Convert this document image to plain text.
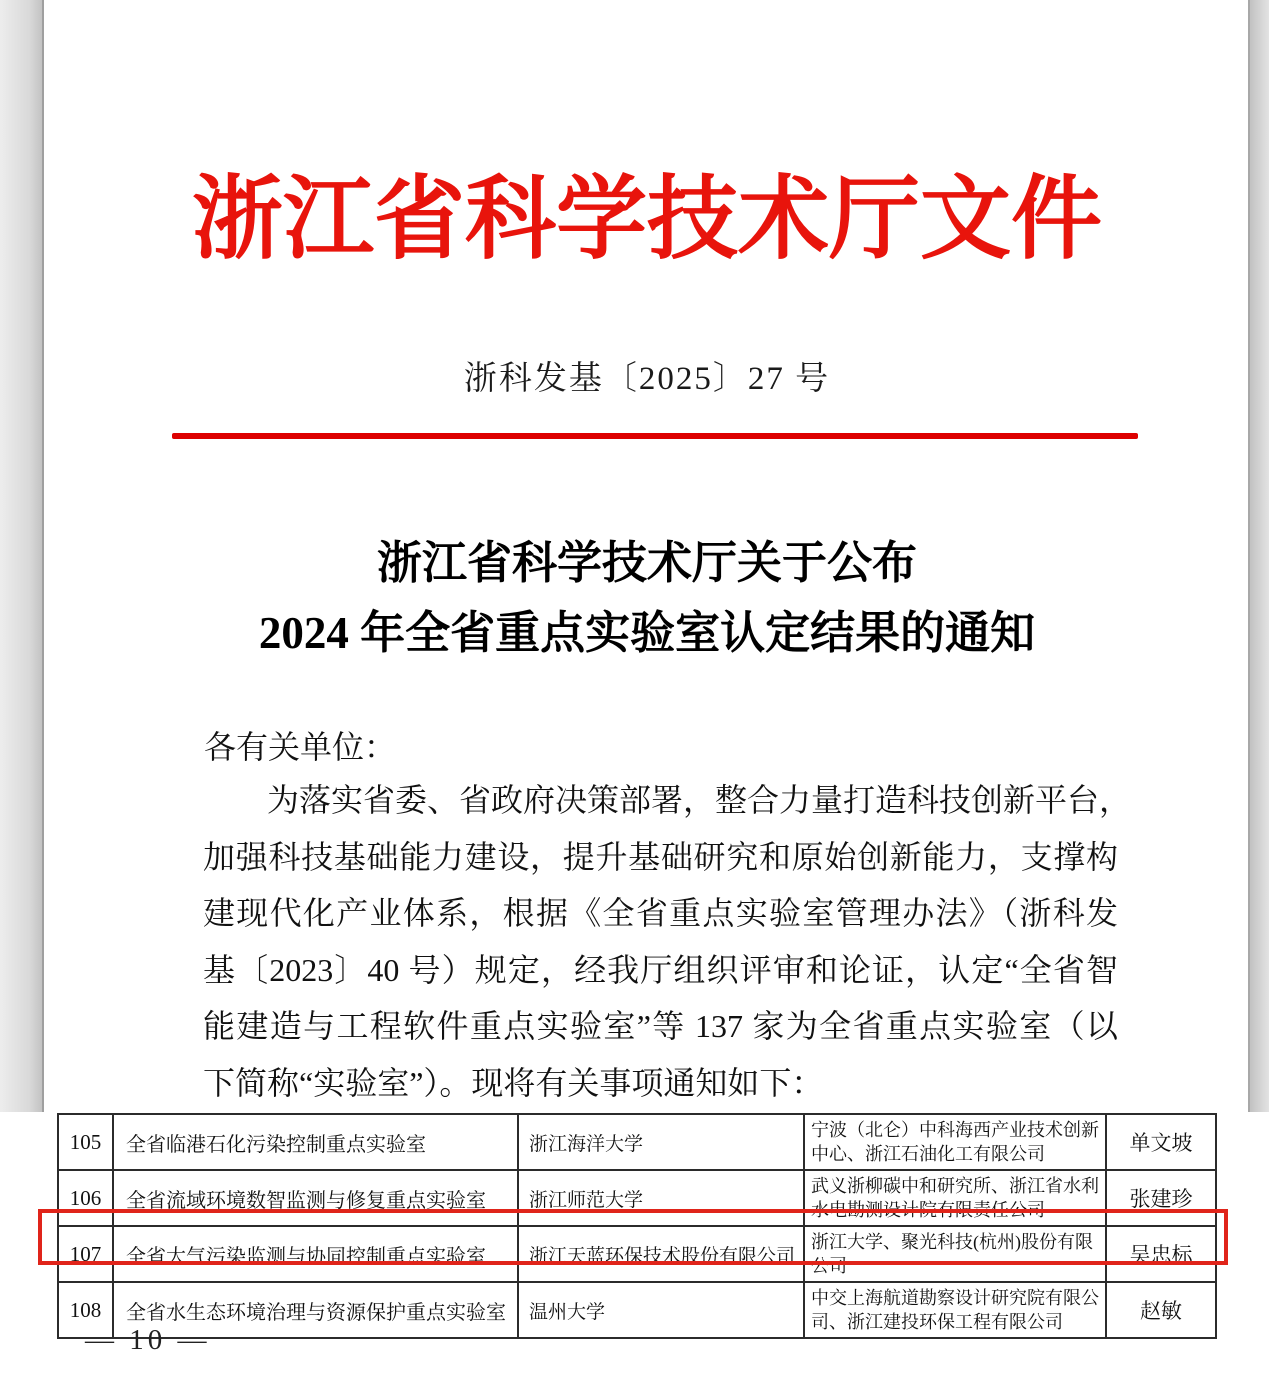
浙江省科学技术厅文件
浙科发基〔2025〕27 号
浙江省科学技术厅关于公布
2024 年全省重点实验室认定结果的通知
各有关单位：
为落实省委、省政府决策部署，整合力量打造科技创新平台，
加强科技基础能力建设，提升基础研究和原始创新能力，支撑构
建现代化产业体系，根据《全省重点实验室管理办法》（浙科发
基〔2023〕40 号）规定，经我厅组织评审和论证，认定“全省智
能建造与工程软件重点实验室”等 137 家为全省重点实验室（以
下简称“实验室”）。现将有关事项通知如下：
105	全省临港石化污染控制重点实验室	浙江海洋大学	宁波（北仑）中科海西产业技术创新中心、浙江石油化工有限公司	单文坡
106	全省流域环境数智监测与修复重点实验室	浙江师范大学	武义浙柳碳中和研究所、浙江省水利水电勘测设计院有限责任公司	张建珍
107	全省大气污染监测与协同控制重点实验室	浙江天蓝环保技术股份有限公司	浙江大学、聚光科技(杭州)股份有限公司	吴忠标
108	全省水生态环境治理与资源保护重点实验室	温州大学	中交上海航道勘察设计研究院有限公司、浙江建投环保工程有限公司	赵敏
— 10 —
